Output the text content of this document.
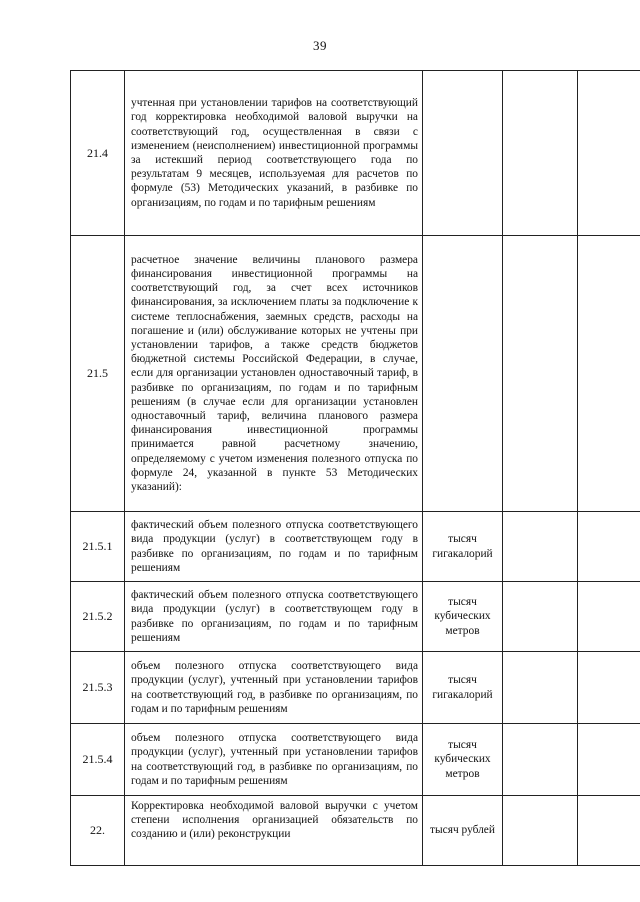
39
21.4	учтенная при установлении тарифов на соответствующий год корректировка необходимой валовой выручки на соответствующий год, осуществленная в связи с изменением (неисполнением) инвестиционной программы за истекший период соответствующего года по результатам 9 месяцев, используемая для расчетов по формуле (53) Методических указаний, в разбивке по организациям, по годам и по тарифным решениям			
21.5	расчетное значение величины планового размера финансирования инвестиционной программы на соответствующий год, за счет всех источников финансирования, за исключением платы за подключение к системе теплоснабжения, заемных средств, расходы на погашение и (или) обслуживание которых не учтены при установлении тарифов, а также средств бюджетов бюджетной системы Российской Федерации, в случае, если для организации установлен одноставочный тариф, в разбивке по организациям, по годам и по тарифным решениям (в случае если для организации установлен одноставочный тариф, величина планового размера финансирования инвестиционной программы принимается равной расчетному значению, определяемому с учетом изменения полезного отпуска по формуле 24, указанной в пункте 53 Методических указаний):			
21.5.1	фактический объем полезного отпуска соответствующего вида продукции (услуг) в соответствующем году в разбивке по организациям, по годам и по тарифным решениям	тысяч гигакалорий		
21.5.2	фактический объем полезного отпуска соответствующего вида продукции (услуг) в соответствующем году в разбивке по организациям, по годам и по тарифным решениям	тысяч кубических метров		
21.5.3	объем полезного отпуска соответствующего вида продукции (услуг), учтенный при установлении тарифов на соответствующий год, в разбивке по организациям, по годам и по тарифным решениям	тысяч гигакалорий		
21.5.4	объем полезного отпуска соответствующего вида продукции (услуг), учтенный при установлении тарифов на соответствующий год, в разбивке по организациям, по годам и по тарифным решениям	тысяч кубических метров		
22.	Корректировка необходимой валовой выручки с учетом степени исполнения организацией обязательств по созданию и (или) реконструкции	тысяч рублей		
